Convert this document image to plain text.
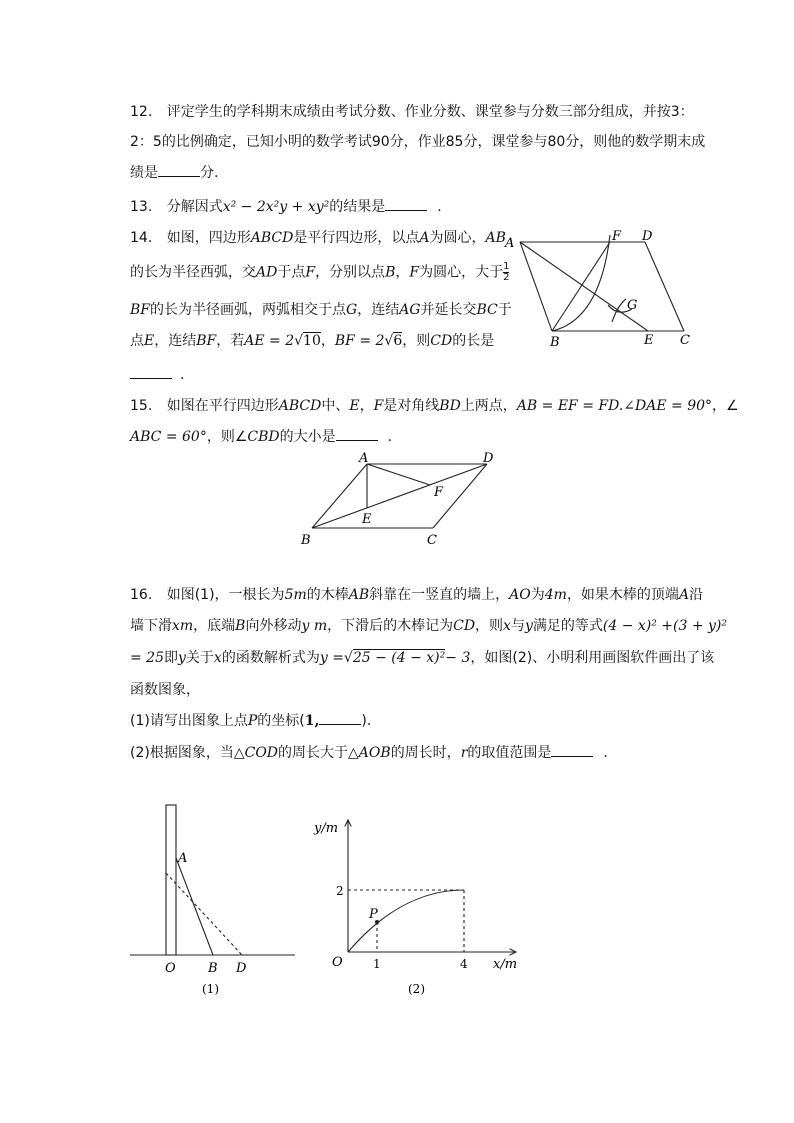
12. 评定学生的学科期末成绩由考试分数、作业分数、课堂参与分数三部分组成，并按3：
2：5的比例确定，已知小明的数学考试90分，作业85分，课堂参与80分，则他的数学期末成
绩是	分.
13. 分解因式x² − 2x²y + xy²的结果是	.
14. 如图，四边形ABCD是平行四边形，以点A为圆心，AB
的长为半径西弧，交AD于点F，分别以点B，F为圆心，大于 $\frac{1}{2}$
BF的长为半径画弧，两弧相交于点G，连结AG并延长交BC于
点E，连结BF，若AE = 2√10，BF = 2√6，则CD的长是
.
A	F D
G
B	E C
15. 如图在平行四边形ABCD中、E，F是对角线BD上两点，AB = EF = FD.∠DAE = 90°，∠
ABC = 60°，则∠CBD的大小是	.
A	D
F
E
B	C
16. 如图(1)，一根长为5m的木棒AB斜靠在一竖直的墙上，AO为4m，如果木棒的顶端A沿
墙下滑xm，底端B向外移动y m，下滑后的木棒记为CD，则x与y满足的等式(4 − x)² +(3 + y)²
= 25即y关于x的函数解析式为y =√25 − (4 − x)²− 3，如图(2)、小明利用画图软件画出了该
函数图象，
(1)请写出图象上点P的坐标(1,	).
(2)根据图象，当△COD的周长大于△AOB的周长时，r的取值范围是	.
A
O B D
(1)
y/m
x/m
O
P
1	4
2
(2)
